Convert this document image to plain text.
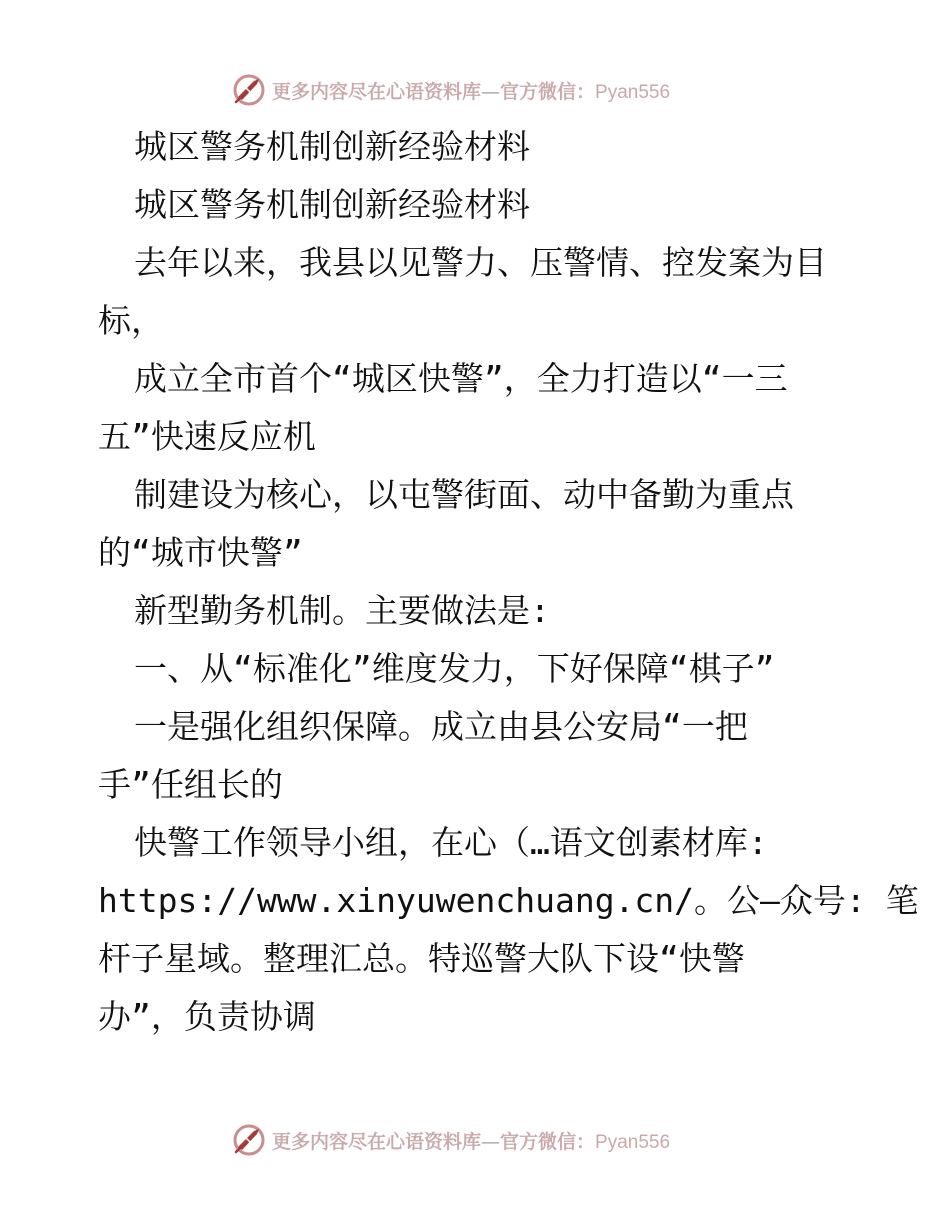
更多内容尽在心语资料库—官方微信：Pyan556
城区警务机制创新经验材料
城区警务机制创新经验材料
去年以来，我县以见警力、压警情、控发案为目
标，
成立全市首个“城区快警”，全力打造以“一三
五”快速反应机
制建设为核心，以屯警街面、动中备勤为重点
的“城市快警”
新型勤务机制。主要做法是:
一、从“标准化”维度发力，下好保障“棋子”
一是强化组织保障。成立由县公安局“一把
手”任组长的
快警工作领导小组，在心（…语文创素材库:
https://www.xinyuwenchuang.cn/。公—众号: 笔
杆子星域。整理汇总。特巡警大队下设“快警
办”，负责协调
更多内容尽在心语资料库—官方微信：Pyan556
